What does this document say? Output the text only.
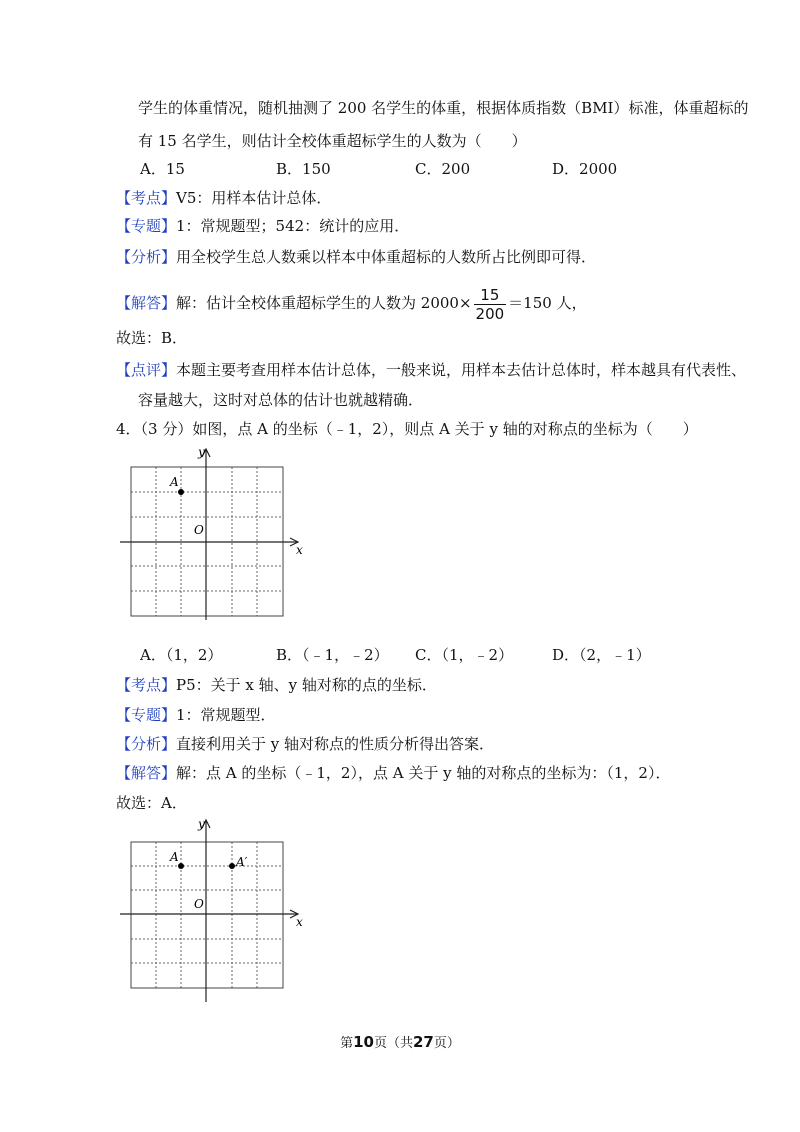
学生的体重情况，随机抽测了 200 名学生的体重，根据体质指数（BMI）标准，体重超标的
有 15 名学生，则估计全校体重超标学生的人数为（　　）
A．15	B．150	C．200	D．2000
【考点】V5：用样本估计总体．
【专题】1：常规题型；542：统计的应用．
【分析】用全校学生总人数乘以样本中体重超标的人数所占比例即可得．
【解答】解：估计全校体重超标学生的人数为 $2000\times \frac{15}{200} =150$ 人，
故选：B．
【点评】本题主要考查用样本估计总体，一般来说，用样本去估计总体时，样本越具有代表性、
容量越大，这时对总体的估计也就越精确．
4．（3 分）如图，点 A 的坐标（﹣1，2），则点 A 关于 y 轴的对称点的坐标为（　　）
x
y
O
A
A．（1，2）	B．（﹣1，﹣2） C．（1，﹣2）	D．（2，﹣1）
【考点】P5：关于 x 轴、y 轴对称的点的坐标．
【专题】1：常规题型．
【分析】直接利用关于 y 轴对称点的性质分析得出答案．
【解答】解：点 A 的坐标（﹣1，2），点 A 关于 y 轴的对称点的坐标为：（1，2）．
故选：A．
x
y
O
A	A′
第10页（共27页）
